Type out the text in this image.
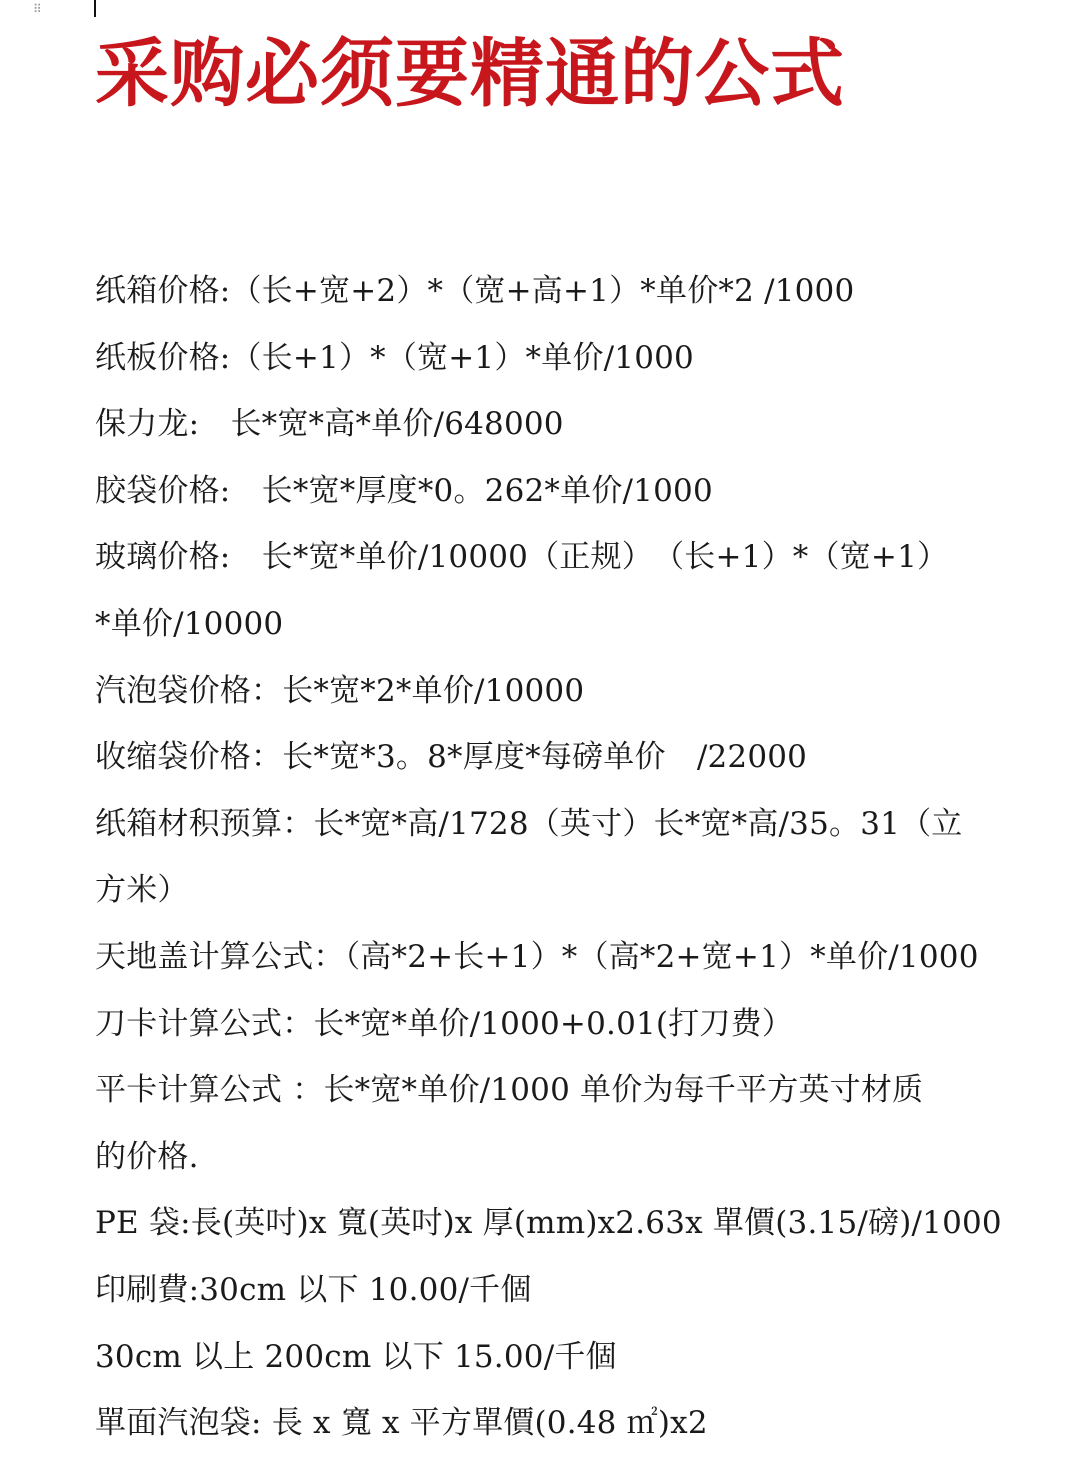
⠿
采购必须要精通的公式
纸箱价格:（长+宽+2）*（宽+高+1）*单价*2 /1000
纸板价格:（长+1）*（宽+1）*单价/1000
保力龙:　长*宽*高*单价/648000
胶袋价格:　长*宽*厚度*0。262*单价/1000
玻璃价格:　长*宽*单价/10000（正规）　（长+1）*（宽+1）
*单价/10000
汽泡袋价格：长*宽*2*单价/10000
收缩袋价格：长*宽*3。8*厚度*每磅单价　/22000
纸箱材积预算：长*宽*高/1728（英寸）长*宽*高/35。31（立
方米）
天地盖计算公式：（高*2+长+1）*（高*2+宽+1）*单价/1000
刀卡计算公式：长*宽*单价/1000+0.01(打刀费）
平卡计算公式 ：长*宽*单价/1000 单价为每千平方英寸材质
的价格.
PE 袋:長(英吋)x 寬(英吋)x 厚(mm)x2.63x 單價(3.15/磅)/1000
印刷費:30cm 以下 10.00/千個
30cm 以上 200cm 以下 15.00/千個
單面汽泡袋: 長 x 寬 x 平方單價(0.48 ㎡)x2
